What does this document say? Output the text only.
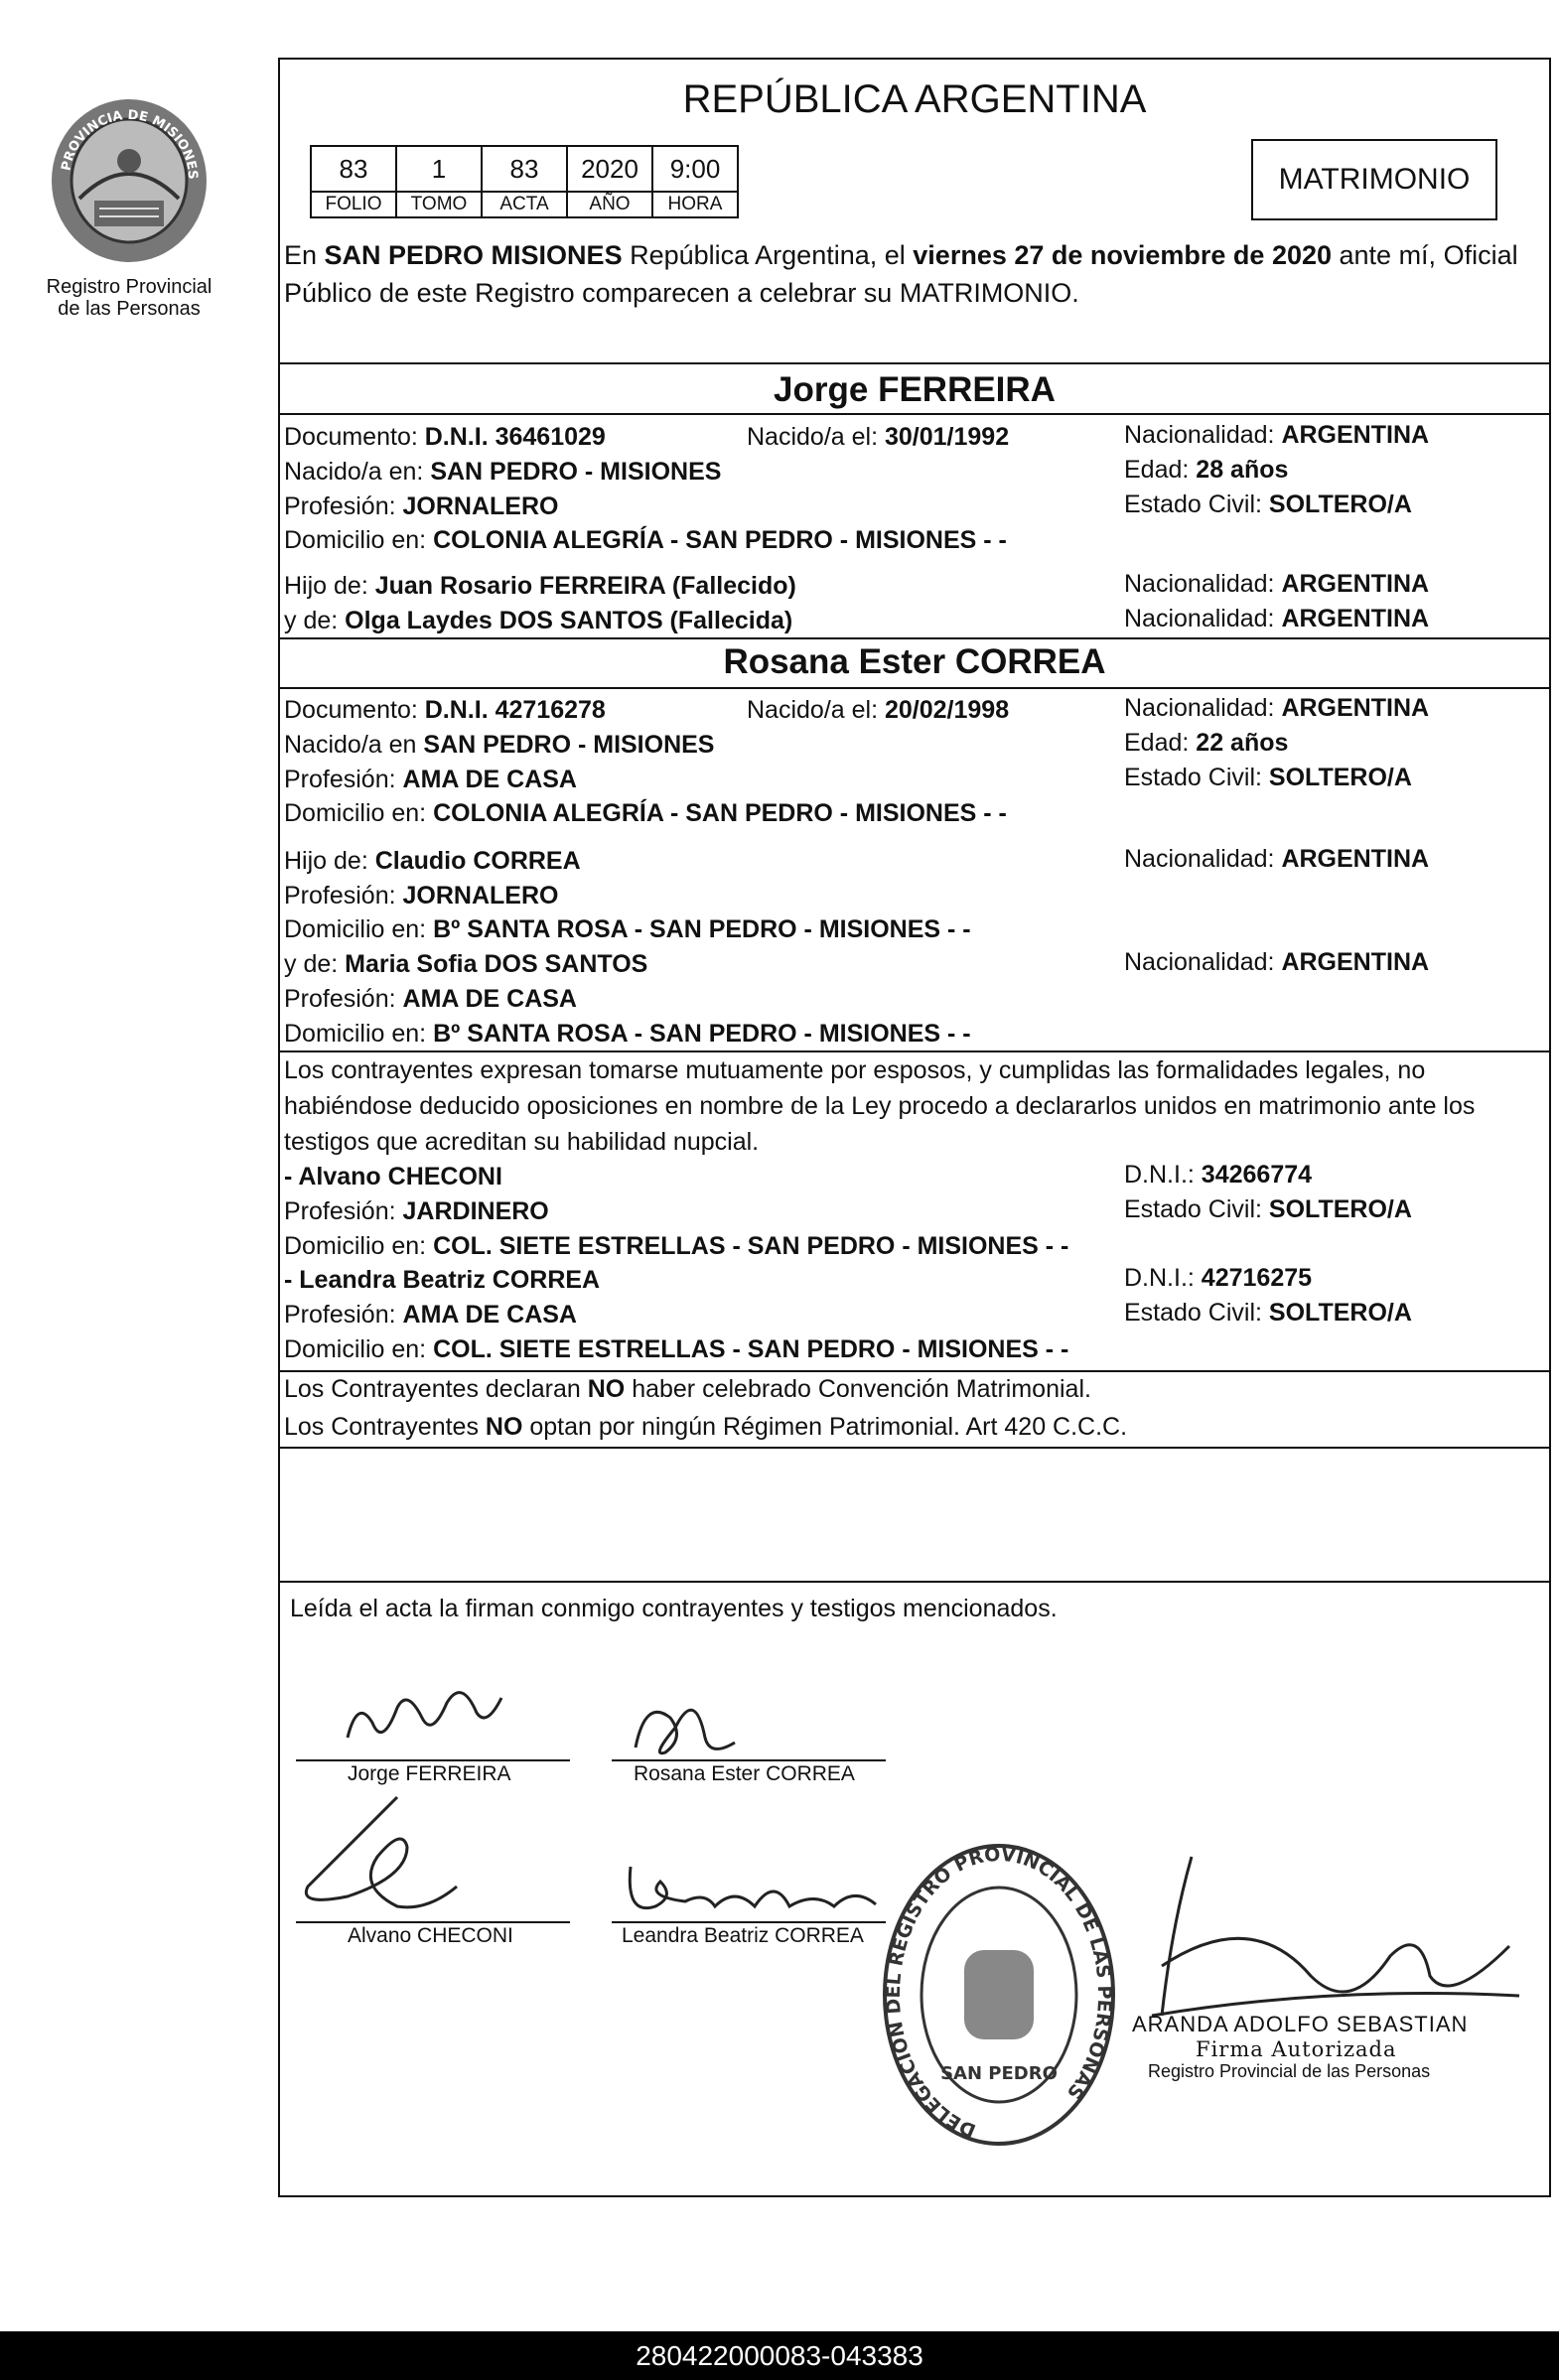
PROVINCIA DE MISIONES
Registro Provincial
de las Personas
REPÚBLICA ARGENTINA
83	1	83	2020	9:00
FOLIO	TOMO	ACTA	AÑO	HORA
MATRIMONIO
En SAN PEDRO MISIONES República Argentina, el viernes 27 de noviembre de 2020 ante mí, Oficial Público de este Registro comparecen a celebrar su MATRIMONIO.
Jorge FERREIRA
Documento: D.N.I. 36461029	Nacido/a el: 30/01/1992	Nacionalidad: ARGENTINA
Nacido/a en: SAN PEDRO - MISIONES	Edad: 28 años
Profesión: JORNALERO	Estado Civil: SOLTERO/A
Domicilio en: COLONIA ALEGRÍA - SAN PEDRO - MISIONES - -
Hijo de: Juan Rosario FERREIRA (Fallecido)	Nacionalidad: ARGENTINA
y de: Olga Laydes DOS SANTOS (Fallecida)	Nacionalidad: ARGENTINA
Rosana Ester CORREA
Documento: D.N.I. 42716278	Nacido/a el: 20/02/1998	Nacionalidad: ARGENTINA
Nacido/a en SAN PEDRO - MISIONES	Edad: 22 años
Profesión: AMA DE CASA	Estado Civil: SOLTERO/A
Domicilio en: COLONIA ALEGRÍA - SAN PEDRO - MISIONES - -
Hijo de: Claudio CORREA	Nacionalidad: ARGENTINA
Profesión: JORNALERO
Domicilio en: Bº SANTA ROSA - SAN PEDRO - MISIONES - -
y de: Maria Sofia DOS SANTOS	Nacionalidad: ARGENTINA
Profesión: AMA DE CASA
Domicilio en: Bº SANTA ROSA - SAN PEDRO - MISIONES - -
Los contrayentes expresan tomarse mutuamente por esposos, y cumplidas las formalidades legales, no habiéndose deducido oposiciones en nombre de la Ley procedo a declararlos unidos en matrimonio ante los testigos que acreditan su habilidad nupcial.
- Alvano CHECONI	D.N.I.: 34266774
Profesión: JARDINERO	Estado Civil: SOLTERO/A
Domicilio en: COL. SIETE ESTRELLAS - SAN PEDRO - MISIONES - -
- Leandra Beatriz CORREA	D.N.I.: 42716275
Profesión: AMA DE CASA	Estado Civil: SOLTERO/A
Domicilio en: COL. SIETE ESTRELLAS - SAN PEDRO - MISIONES - -
Los Contrayentes declaran NO haber celebrado Convención Matrimonial.
Los Contrayentes NO optan por ningún Régimen Patrimonial. Art 420 C.C.C.
Leída el acta la firman conmigo contrayentes y testigos mencionados.
Jorge FERREIRA	Rosana Ester CORREA
Alvano CHECONI	Leandra Beatriz CORREA
DELEGACION DEL REGISTRO PROVINCIAL DE LAS PERSONAS
SAN PEDRO
ARANDA ADOLFO SEBASTIAN
Firma Autorizada
Registro Provincial de las Personas
280422000083-043383
